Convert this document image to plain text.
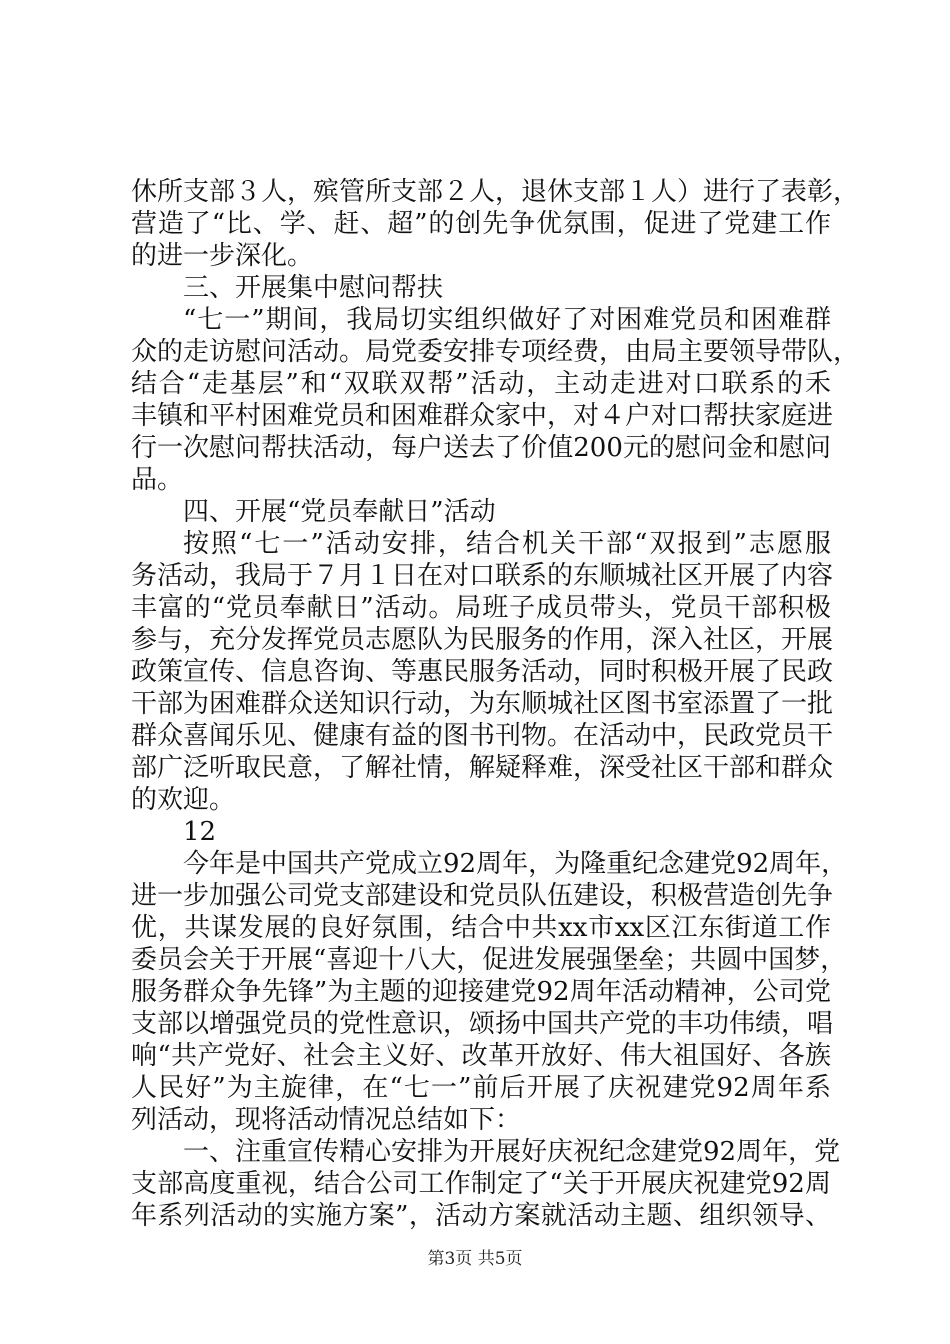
休所支部３人，殡管所支部２人，退休支部１人）进行了表彰，
营造了“比、学、赶、超”的创先争优氛围，促进了党建工作
的进一步深化。
三、开展集中慰问帮扶
“七一”期间，我局切实组织做好了对困难党员和困难群
众的走访慰问活动。局党委安排专项经费，由局主要领导带队，
结合“走基层”和“双联双帮”活动，主动走进对口联系的禾
丰镇和平村困难党员和困难群众家中，对４户对口帮扶家庭进
行一次慰问帮扶活动，每户送去了价值200元的慰问金和慰问
品。
四、开展“党员奉献日”活动
按照“七一”活动安排，结合机关干部“双报到”志愿服
务活动，我局于７月１日在对口联系的东顺城社区开展了内容
丰富的“党员奉献日”活动。局班子成员带头，党员干部积极
参与，充分发挥党员志愿队为民服务的作用，深入社区，开展
政策宣传、信息咨询、等惠民服务活动，同时积极开展了民政
干部为困难群众送知识行动，为东顺城社区图书室添置了一批
群众喜闻乐见、健康有益的图书刊物。在活动中，民政党员干
部广泛听取民意，了解社情，解疑释难，深受社区干部和群众
的欢迎。
12
今年是中国共产党成立92周年，为隆重纪念建党92周年，
进一步加强公司党支部建设和党员队伍建设，积极营造创先争
优，共谋发展的良好氛围，结合中共xx市xx区江东街道工作
委员会关于开展“喜迎十八大，促进发展强堡垒；共圆中国梦，
服务群众争先锋”为主题的迎接建党92周年活动精神，公司党
支部以增强党员的党性意识，颂扬中国共产党的丰功伟绩，唱
响“共产党好、社会主义好、改革开放好、伟大祖国好、各族
人民好”为主旋律，在“七一”前后开展了庆祝建党92周年系
列活动，现将活动情况总结如下：
一、注重宣传精心安排为开展好庆祝纪念建党92周年，党
支部高度重视，结合公司工作制定了“关于开展庆祝建党92周
年系列活动的实施方案”，活动方案就活动主题、组织领导、
第3页 共5页
